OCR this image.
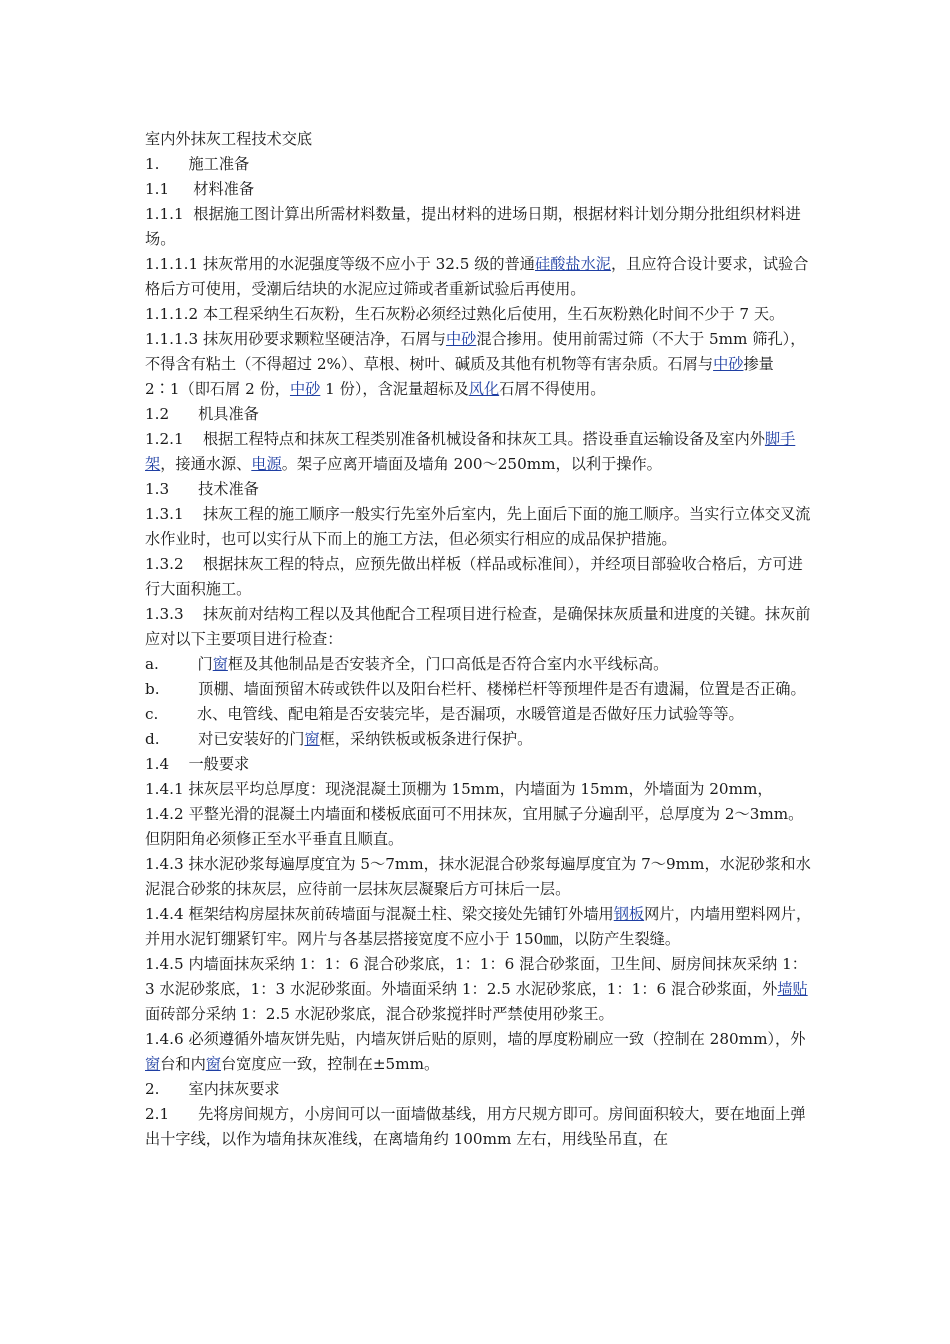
室内外抹灰工程技术交底
1.      施工准备
1.1     材料准备
1.1.1  根据施工图计算出所需材料数量，提出材料的进场日期，根据材料计划分期分批组织材料进场。
1.1.1.1 抹灰常用的水泥强度等级不应小于 32.5 级的普通硅酸盐水泥，且应符合设计要求，试验合格后方可使用，受潮后结块的水泥应过筛或者重新试验后再使用。
1.1.1.2 本工程采纳生石灰粉，生石灰粉必须经过熟化后使用，生石灰粉熟化时间不少于 7 天。
1.1.1.3 抹灰用砂要求颗粒坚硬洁净，石屑与中砂混合掺用。使用前需过筛（不大于 5mm 筛孔），不得含有粘土（不得超过 2%）、草根、树叶、碱质及其他有机物等有害杂质。石屑与中砂掺量 2∶1（即石屑 2 份，中砂 1 份），含泥量超标及风化石屑不得使用。
1.2      机具准备
1.2.1    根据工程特点和抹灰工程类别准备机械设备和抹灰工具。搭设垂直运输设备及室内外脚手架，接通水源、电源。架子应离开墙面及墙角 200～250mm，以利于操作。
1.3      技术准备
1.3.1    抹灰工程的施工顺序一般实行先室外后室内，先上面后下面的施工顺序。当实行立体交叉流水作业时，也可以实行从下而上的施工方法，但必须实行相应的成品保护措施。
1.3.2    根据抹灰工程的特点，应预先做出样板（样品或标准间），并经项目部验收合格后，方可进行大面积施工。
1.3.3    抹灰前对结构工程以及其他配合工程项目进行检查，是确保抹灰质量和进度的关键。抹灰前应对以下主要项目进行检查：
a.        门窗框及其他制品是否安装齐全，门口高低是否符合室内水平线标高。
b.        顶棚、墙面预留木砖或铁件以及阳台栏杆、楼梯栏杆等预埋件是否有遗漏，位置是否正确。
c.        水、电管线、配电箱是否安装完毕，是否漏项，水暖管道是否做好压力试验等等。
d.        对已安装好的门窗框，采纳铁板或板条进行保护。
1.4    一般要求
1.4.1 抹灰层平均总厚度：现浇混凝土顶棚为 15mm，内墙面为 15mm，外墙面为 20mm，
1.4.2 平整光滑的混凝土内墙面和楼板底面可不用抹灰，宜用腻子分遍刮平，总厚度为 2～3mm。但阴阳角必须修正至水平垂直且顺直。
1.4.3 抹水泥砂浆每遍厚度宜为 5～7mm，抹水泥混合砂浆每遍厚度宜为 7～9mm，水泥砂浆和水泥混合砂浆的抹灰层，应待前一层抹灰层凝聚后方可抹后一层。
1.4.4 框架结构房屋抹灰前砖墙面与混凝土柱、梁交接处先铺钉外墙用钢板网片，内墙用塑料网片，并用水泥钉绷紧钉牢。网片与各基层搭接宽度不应小于 150㎜，以防产生裂缝。
1.4.5 内墙面抹灰采纳 1：1：6 混合砂浆底，1：1：6 混合砂浆面，卫生间、厨房间抹灰采纳 1：3 水泥砂浆底，1：3 水泥砂浆面。外墙面采纳 1：2.5 水泥砂浆底，1：1：6 混合砂浆面，外墙贴面砖部分采纳 1：2.5 水泥砂浆底，混合砂浆搅拌时严禁使用砂浆王。
1.4.6 必须遵循外墙灰饼先贴，内墙灰饼后贴的原则，墙的厚度粉刷应一致（控制在 280mm），外窗台和内窗台宽度应一致，控制在±5mm。
2.      室内抹灰要求
2.1      先将房间规方，小房间可以一面墙做基线，用方尺规方即可。房间面积较大，要在地面上弹出十字线，以作为墙角抹灰准线，在离墙角约 100mm 左右，用线坠吊直，在
